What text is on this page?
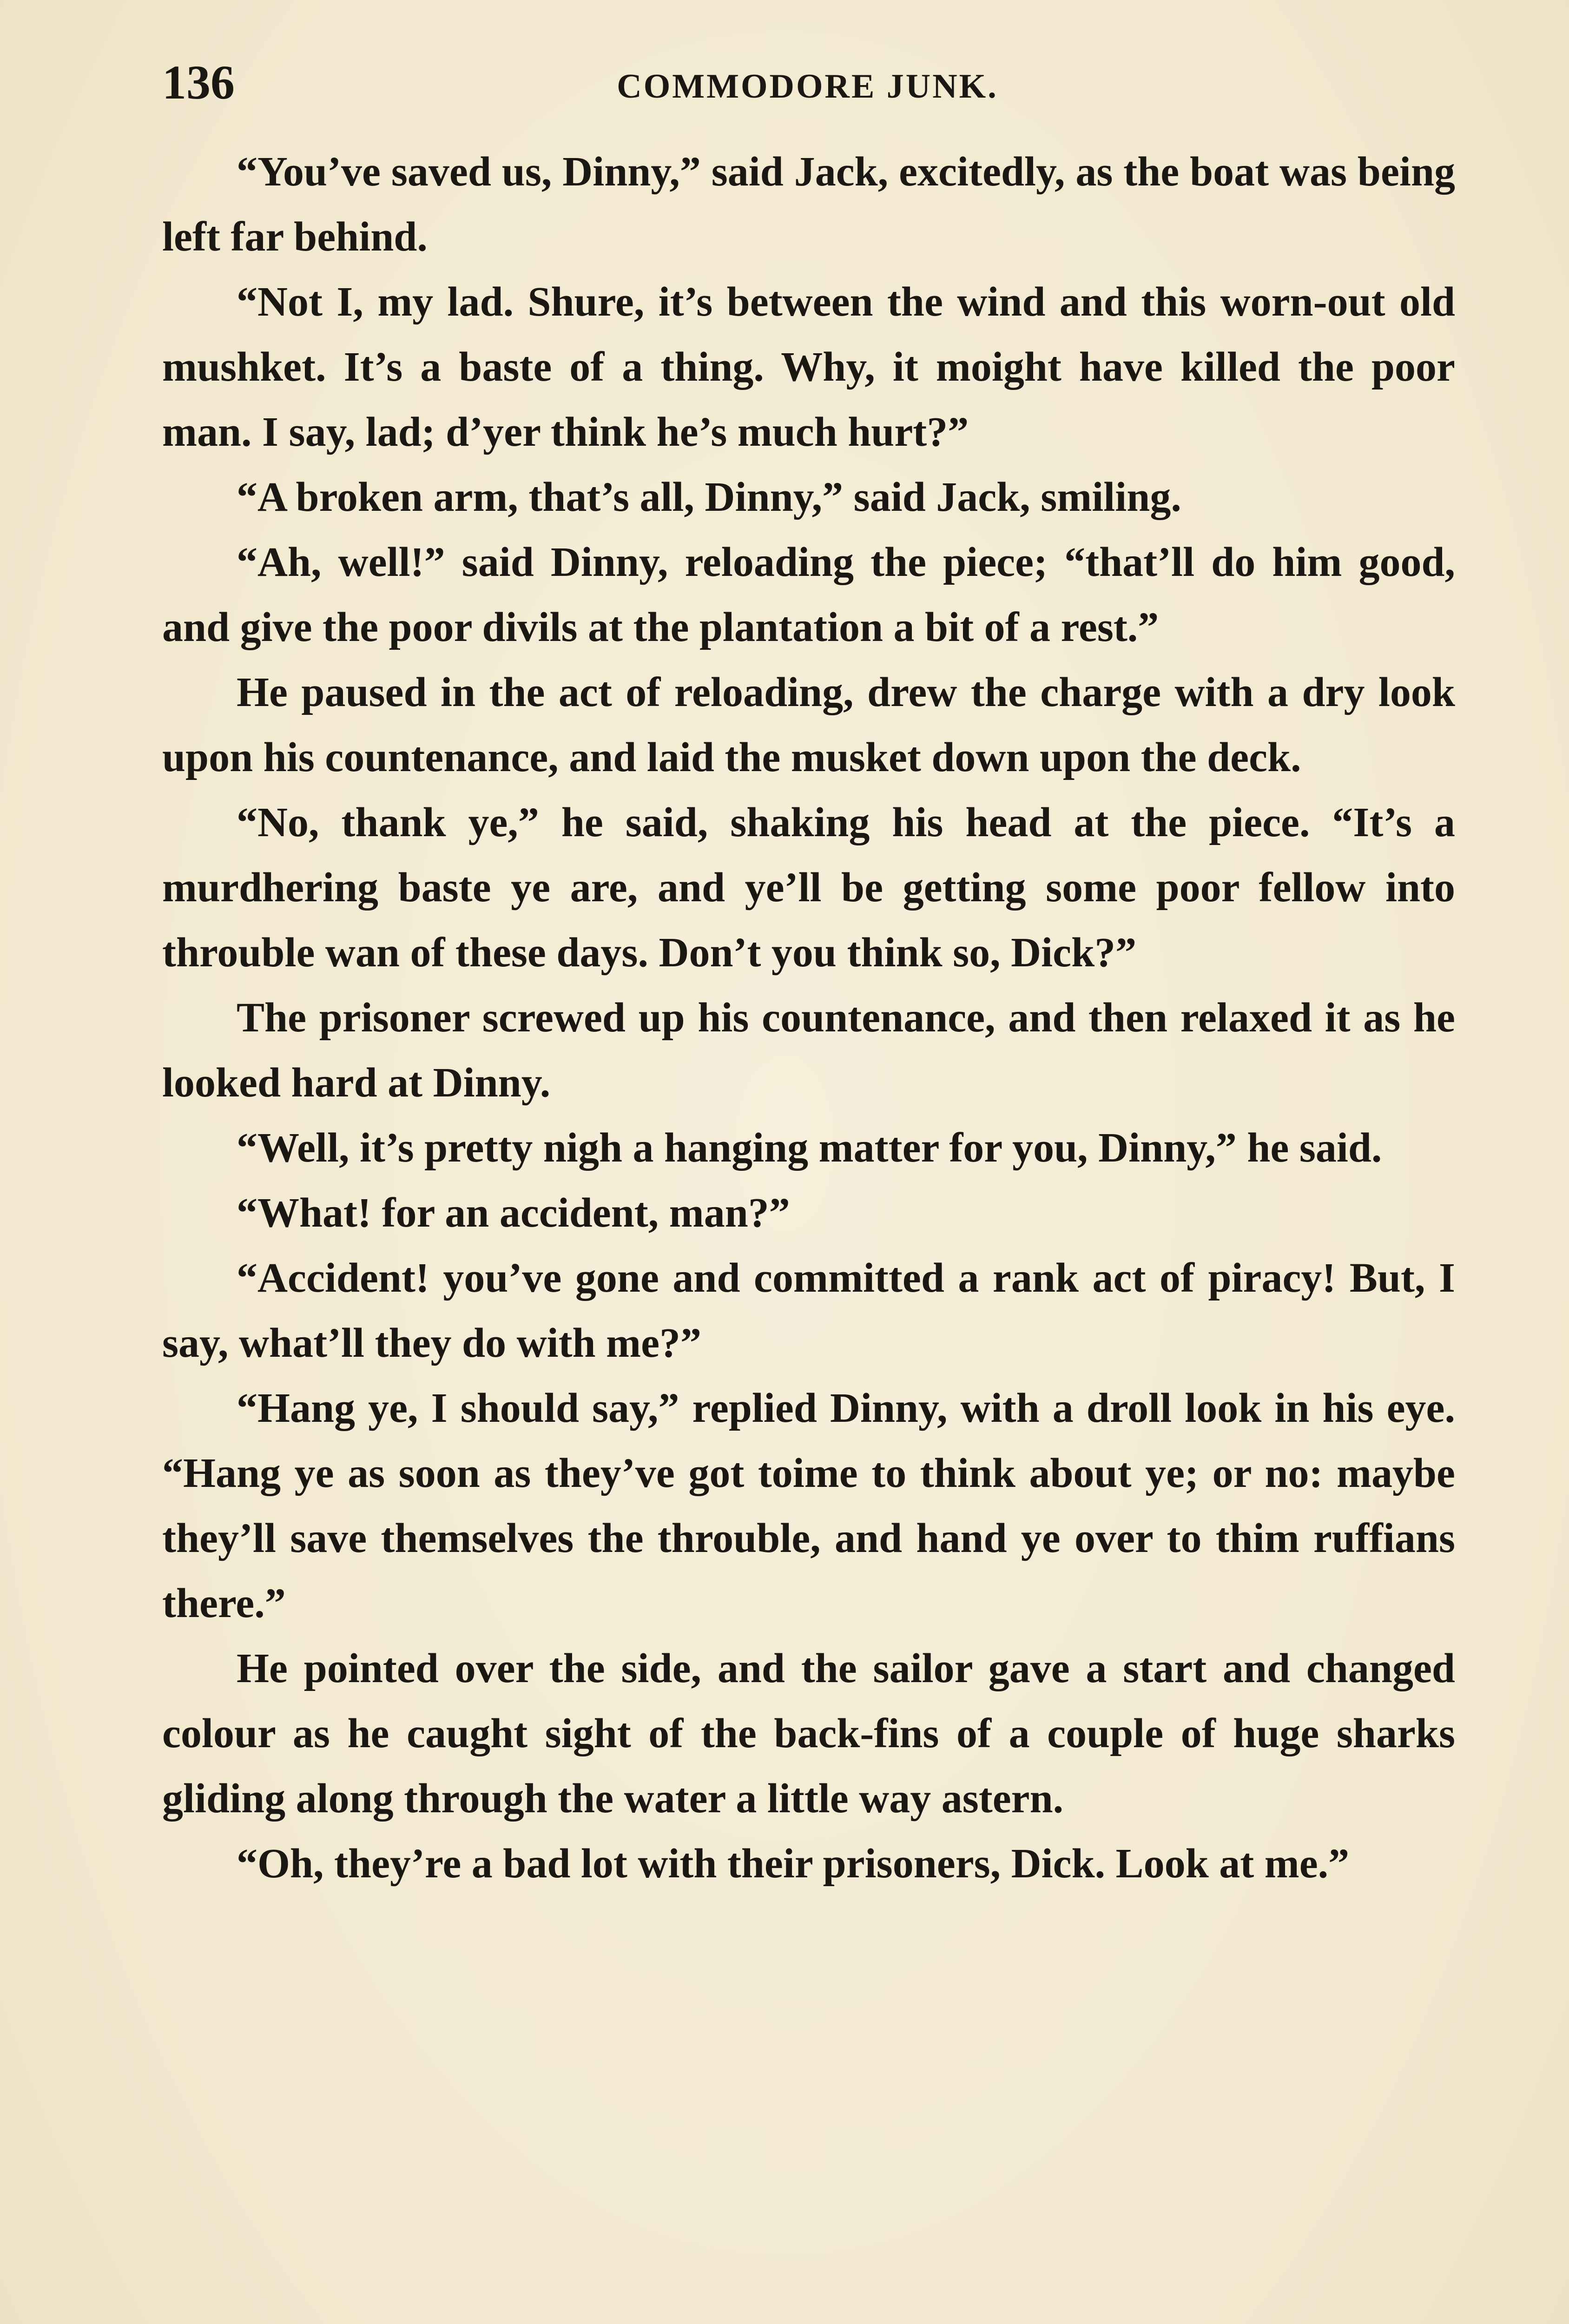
136	COMMODORE JUNK.

“You’ve saved us, Dinny,” said Jack, excitedly, as the boat was being left far behind.

“Not I, my lad. Shure, it’s between the wind and this worn-out old mushket. It’s a baste of a thing. Why, it moight have killed the poor man. I say, lad; d’yer think he’s much hurt?”

“A broken arm, that’s all, Dinny,” said Jack, smiling.

“Ah, well!” said Dinny, reloading the piece; “that’ll do him good, and give the poor divils at the plantation a bit of a rest.”

He paused in the act of reloading, drew the charge with a dry look upon his countenance, and laid the musket down upon the deck.

“No, thank ye,” he said, shaking his head at the piece. “It’s a murdhering baste ye are, and ye’ll be getting some poor fellow into throuble wan of these days. Don’t you think so, Dick?”

The prisoner screwed up his countenance, and then relaxed it as he looked hard at Dinny.

“Well, it’s pretty nigh a hanging matter for you, Dinny,” he said.

“What! for an accident, man?”

“Accident! you’ve gone and committed a rank act of piracy! But, I say, what’ll they do with me?”

“Hang ye, I should say,” replied Dinny, with a droll look in his eye. “Hang ye as soon as they’ve got toime to think about ye; or no: maybe they’ll save themselves the throuble, and hand ye over to thim ruffians there.”

He pointed over the side, and the sailor gave a start and changed colour as he caught sight of the back-fins of a couple of huge sharks gliding along through the water a little way astern.

“Oh, they’re a bad lot with their prisoners, Dick. Look at me.”
